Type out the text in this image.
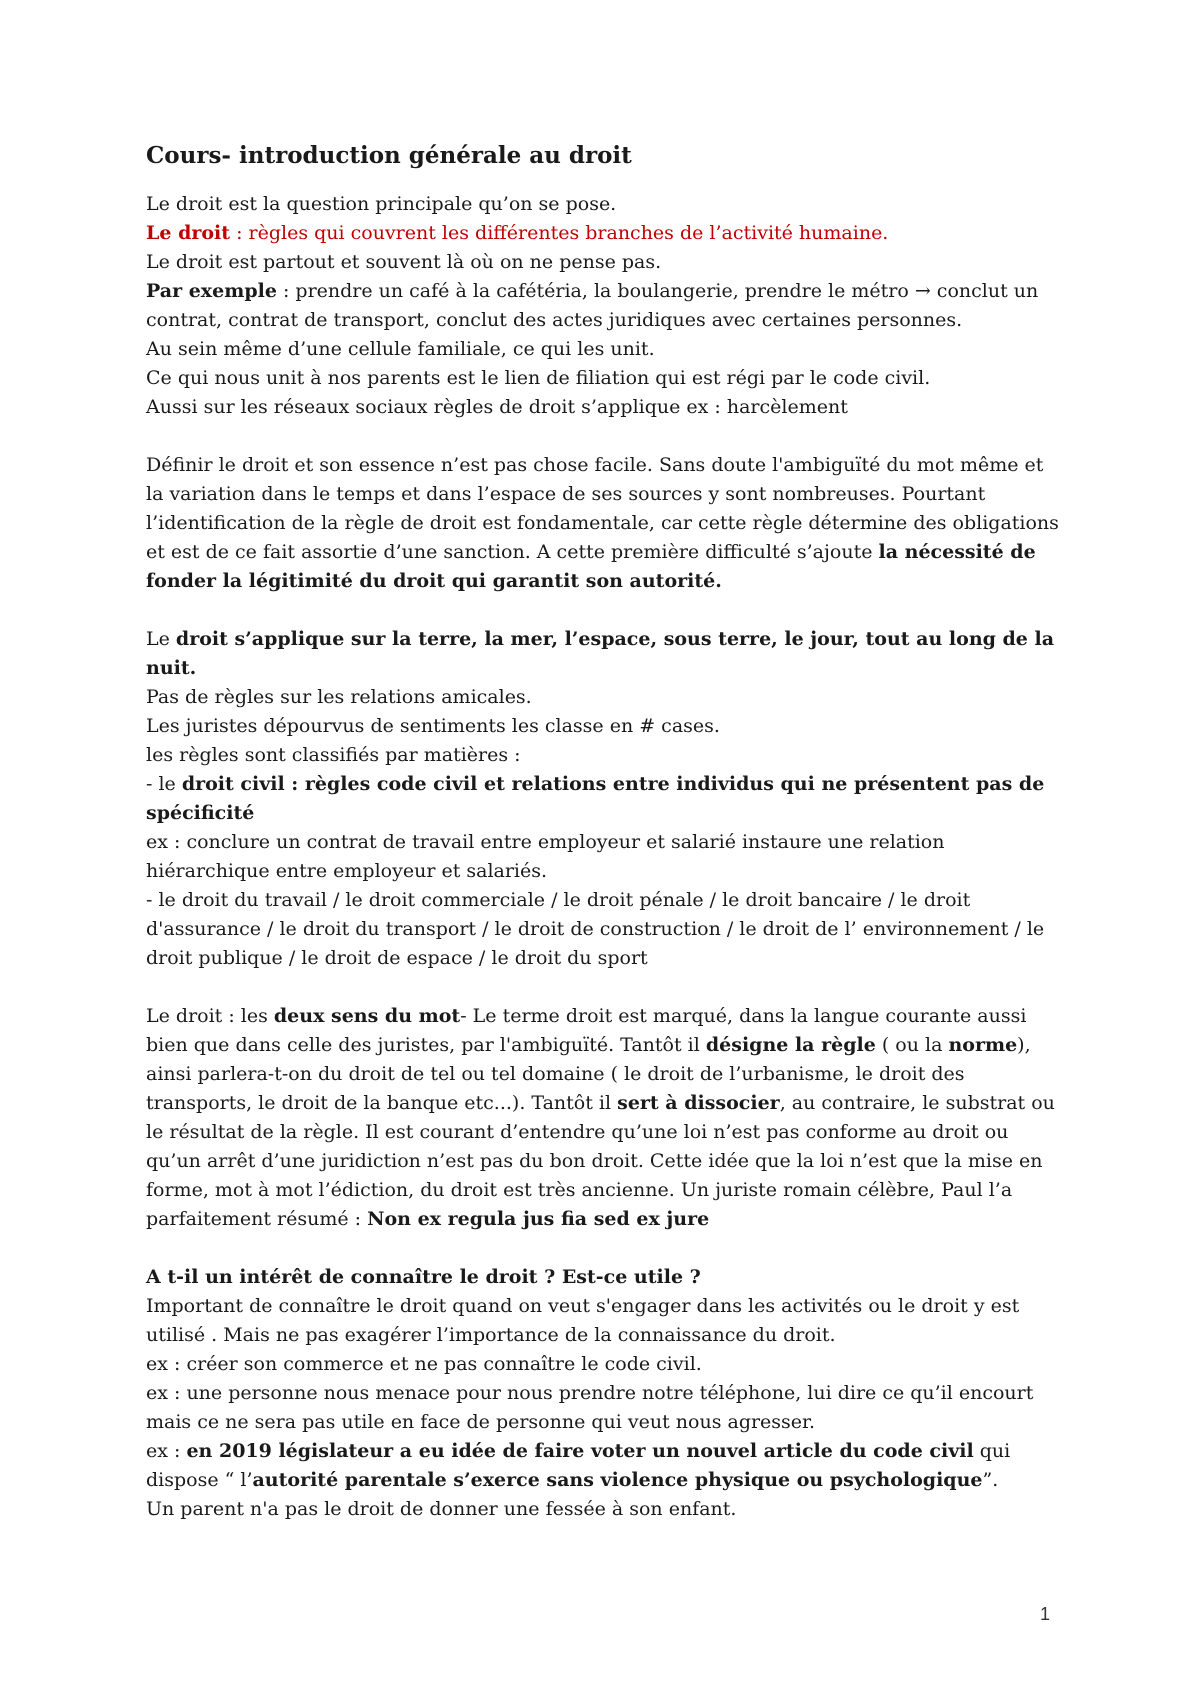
Cours- introduction générale au droit

Le droit est la question principale qu’on se pose.

Le droit : règles qui couvrent les différentes branches de l’activité humaine.

Le droit est partout et souvent là où on ne pense pas.

Par exemple : prendre un café à la cafétéria, la boulangerie, prendre le métro → conclut un contrat, contrat de transport, conclut des actes juridiques avec certaines personnes.

Au sein même d’une cellule familiale, ce qui les unit.

Ce qui nous unit à nos parents est le lien de filiation qui est régi par le code civil.

Aussi sur les réseaux sociaux règles de droit s’applique ex : harcèlement

Définir le droit et son essence n’est pas chose facile. Sans doute l'ambiguïté du mot même et la variation dans le temps et dans l’espace de ses sources y sont nombreuses. Pourtant l’identification de la règle de droit est fondamentale, car cette règle détermine des obligations et est de ce fait assortie d’une sanction. A cette première difficulté s’ajoute la nécessité de fonder la légitimité du droit qui garantit son autorité.

Le droit s’applique sur la terre, la mer, l’espace, sous terre, le jour, tout au long de la nuit.

Pas de règles sur les relations amicales.

Les juristes dépourvus de sentiments les classe en # cases.

les règles sont classifiés par matières :

- le droit civil : règles code civil et relations entre individus qui ne présentent pas de spécificité

ex : conclure un contrat de travail entre employeur et salarié instaure une relation hiérarchique entre employeur et salariés.

- le droit du travail / le droit commerciale / le droit pénale / le droit bancaire / le droit d'assurance / le droit du transport / le droit de construction / le droit de l’ environnement / le droit publique / le droit de espace / le droit du sport

Le droit : les deux sens du mot- Le terme droit est marqué, dans la langue courante aussi bien que dans celle des juristes, par l'ambiguïté. Tantôt il désigne la règle ( ou la norme), ainsi parlera-t-on du droit de tel ou tel domaine ( le droit de l’urbanisme, le droit des transports, le droit de la banque etc...). Tantôt il sert à dissocier, au contraire, le substrat ou le résultat de la règle. Il est courant d’entendre qu’une loi n’est pas conforme au droit ou qu’un arrêt d’une juridiction n’est pas du bon droit. Cette idée que la loi n’est que la mise en forme, mot à mot l’édiction, du droit est très ancienne. Un juriste romain célèbre, Paul l’a parfaitement résumé : Non ex regula jus fia sed ex jure

A t-il un intérêt de connaître le droit ? Est-ce utile ?

Important de connaître le droit quand on veut s'engager dans les activités ou le droit y est utilisé . Mais ne pas exagérer l’importance de la connaissance du droit.

ex : créer son commerce et ne pas connaître le code civil.

ex : une personne nous menace pour nous prendre notre téléphone, lui dire ce qu’il encourt mais ce ne sera pas utile en face de personne qui veut nous agresser.

ex : en 2019 législateur a eu idée de faire voter un nouvel article du code civil qui dispose “ l’autorité parentale s’exerce sans violence physique ou psychologique”.

Un parent n'a pas le droit de donner une fessée à son enfant.

1
